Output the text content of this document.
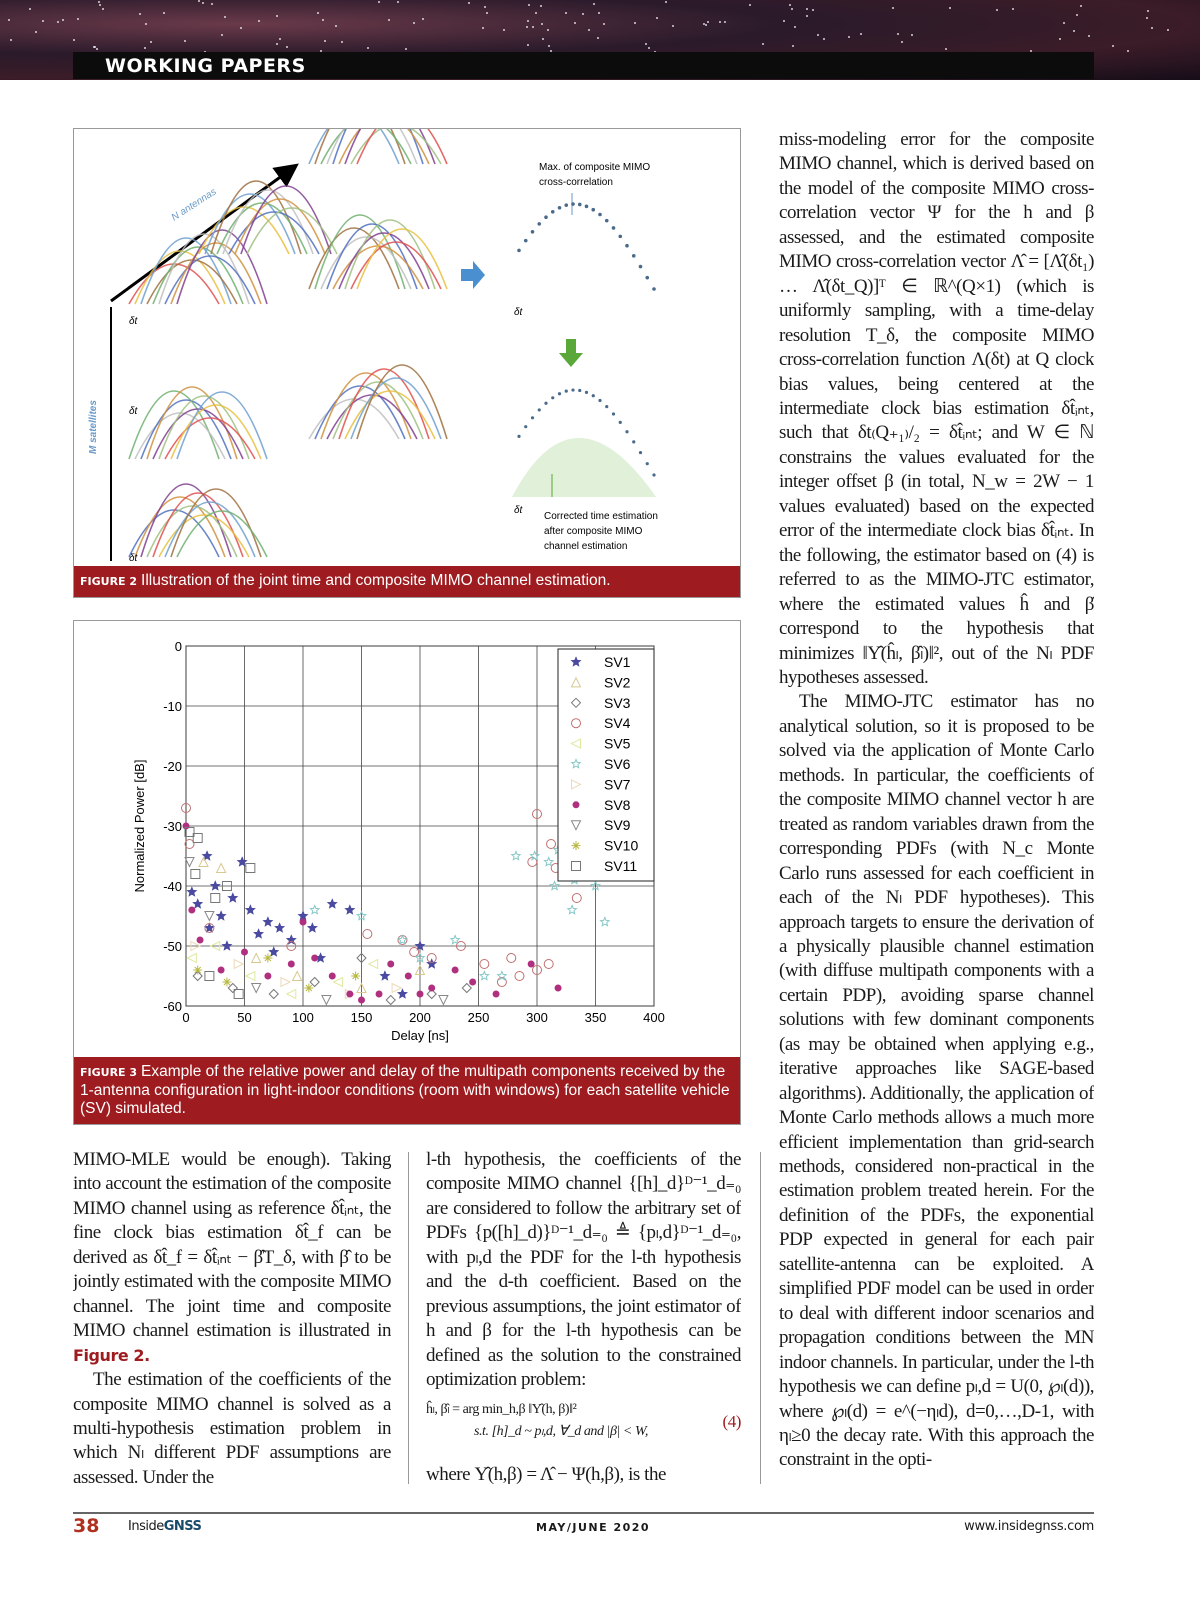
WORKING PAPERS
N antennas
M satellites
δt
δt
δt
δt
δt
Max. of composite MIMO
cross-correlation
Corrected time estimation
after composite MIMO
channel estimation
FIGURE 2 Illustration of the joint time and composite MIMO channel estimation.
0	50	100	150	200	250	300	350	400
0
-10
-20
-30
-40
-50
-60
Delay [ns]
Normalized Power [dB]
SV1
SV2
SV3
SV4
SV5
SV6
SV7
SV8
SV9
SV10
SV11
FIGURE 3 Example of the relative power and delay of the multipath components received by the 1-antenna configuration in light-indoor conditions (room with windows) for each satellite vehicle (SV) simulated.

MIMO-MLE would be enough). Taking into account the estimation of the composite MIMO channel using as reference δt̂ᵢₙₜ, the fine clock bias estimation δt̂_f can be derived as δt̂_f = δt̂ᵢₙₜ − β̂T_δ, with β̂ to be jointly estimated with the composite MIMO channel. The joint time and composite MIMO channel estimation is illustrated in Figure 2.

The estimation of the coefficients of the composite MIMO channel is solved as a multi-hypothesis estimation problem in which Nₗ different PDF assumptions are assessed. Under the

l-th hypothesis, the coefficients of the composite MIMO channel {[h]_d}ᴰ⁻¹_d₌₀ are considered to follow the arbitrary set of PDFs {p([h]_d)}ᴰ⁻¹_d₌₀ ≜ {pₗ,d}ᴰ⁻¹_d₌₀, with pₗ,d the PDF for the l-th hypothesis and the d-th coefficient. Based on the previous assumptions, the joint estimator of h and β for the l-th hypothesis can be defined as the solution to the constrained optimization problem:

ĥₗ, β̂ₗ = arg min_h,β ‖Υ̂(h, β)‖²
s.t. [h]_d ~ pₗ,d, ∀_d and |β| < W,
(4)

where Υ̂(h,β) = Λ̂ − Ψ(h,β), is the

miss-modeling error for the composite MIMO channel, which is derived based on the model of the composite MIMO cross-correlation vector Ψ for the h and β assessed, and the estimated composite MIMO cross-correlation vector Λ̂ = [Λ̂(δt₁) … Λ̂(δt_Q)]ᵀ ∈ ℝ^(Q×1) (which is uniformly sampling, with a time-delay resolution T_δ, the composite MIMO cross-correlation function Λ(δt) at Q clock bias values, being centered at the intermediate clock bias estimation δt̂ᵢₙₜ, such that δt₍Q₊₁₎/₂ = δt̂ᵢₙₜ; and W ∈ ℕ constrains the values evaluated for the integer offset β (in total, N_w = 2W − 1 values evaluated) based on the expected error of the intermediate clock bias δt̂ᵢₙₜ. In the following, the estimator based on (4) is referred to as the MIMO-JTC estimator, where the estimated values ĥ and β̂ correspond to the hypothesis that minimizes ‖Υ̂(ĥₗ, β̂ₗ)‖², out of the Nₗ PDF hypotheses assessed.

The MIMO-JTC estimator has no analytical solution, so it is proposed to be solved via the application of Monte Carlo methods. In particular, the coefficients of the composite MIMO channel vector h are treated as random variables drawn from the corresponding PDFs (with N_c Monte Carlo runs assessed for each coefficient in each of the Nₗ PDF hypotheses). This approach targets to ensure the derivation of a physically plausible channel estimation (with diffuse multipath components with a certain PDP), avoiding sparse channel solutions with few dominant components (as may be obtained when applying e.g., iterative approaches like SAGE-based algorithms). Additionally, the application of Monte Carlo methods allows a much more efficient implementation than grid-search methods, considered non-practical in the estimation problem treated herein. For the definition of the PDFs, the exponential PDP expected in general for each pair satellite-antenna can be exploited. A simplified PDF model can be used in order to deal with different indoor scenarios and propagation conditions between the MN indoor channels. In particular, under the l-th hypothesis we can define pₗ,d = U(0, ℘ₗ(d)), where ℘ₗ(d) = e^(−ηₗd), d=0,…,D-1, with ηₗ≥0 the decay rate. With this approach the constraint in the opti-

38 InsideGNSS	MAY/JUNE 2020	www.insidegnss.com
